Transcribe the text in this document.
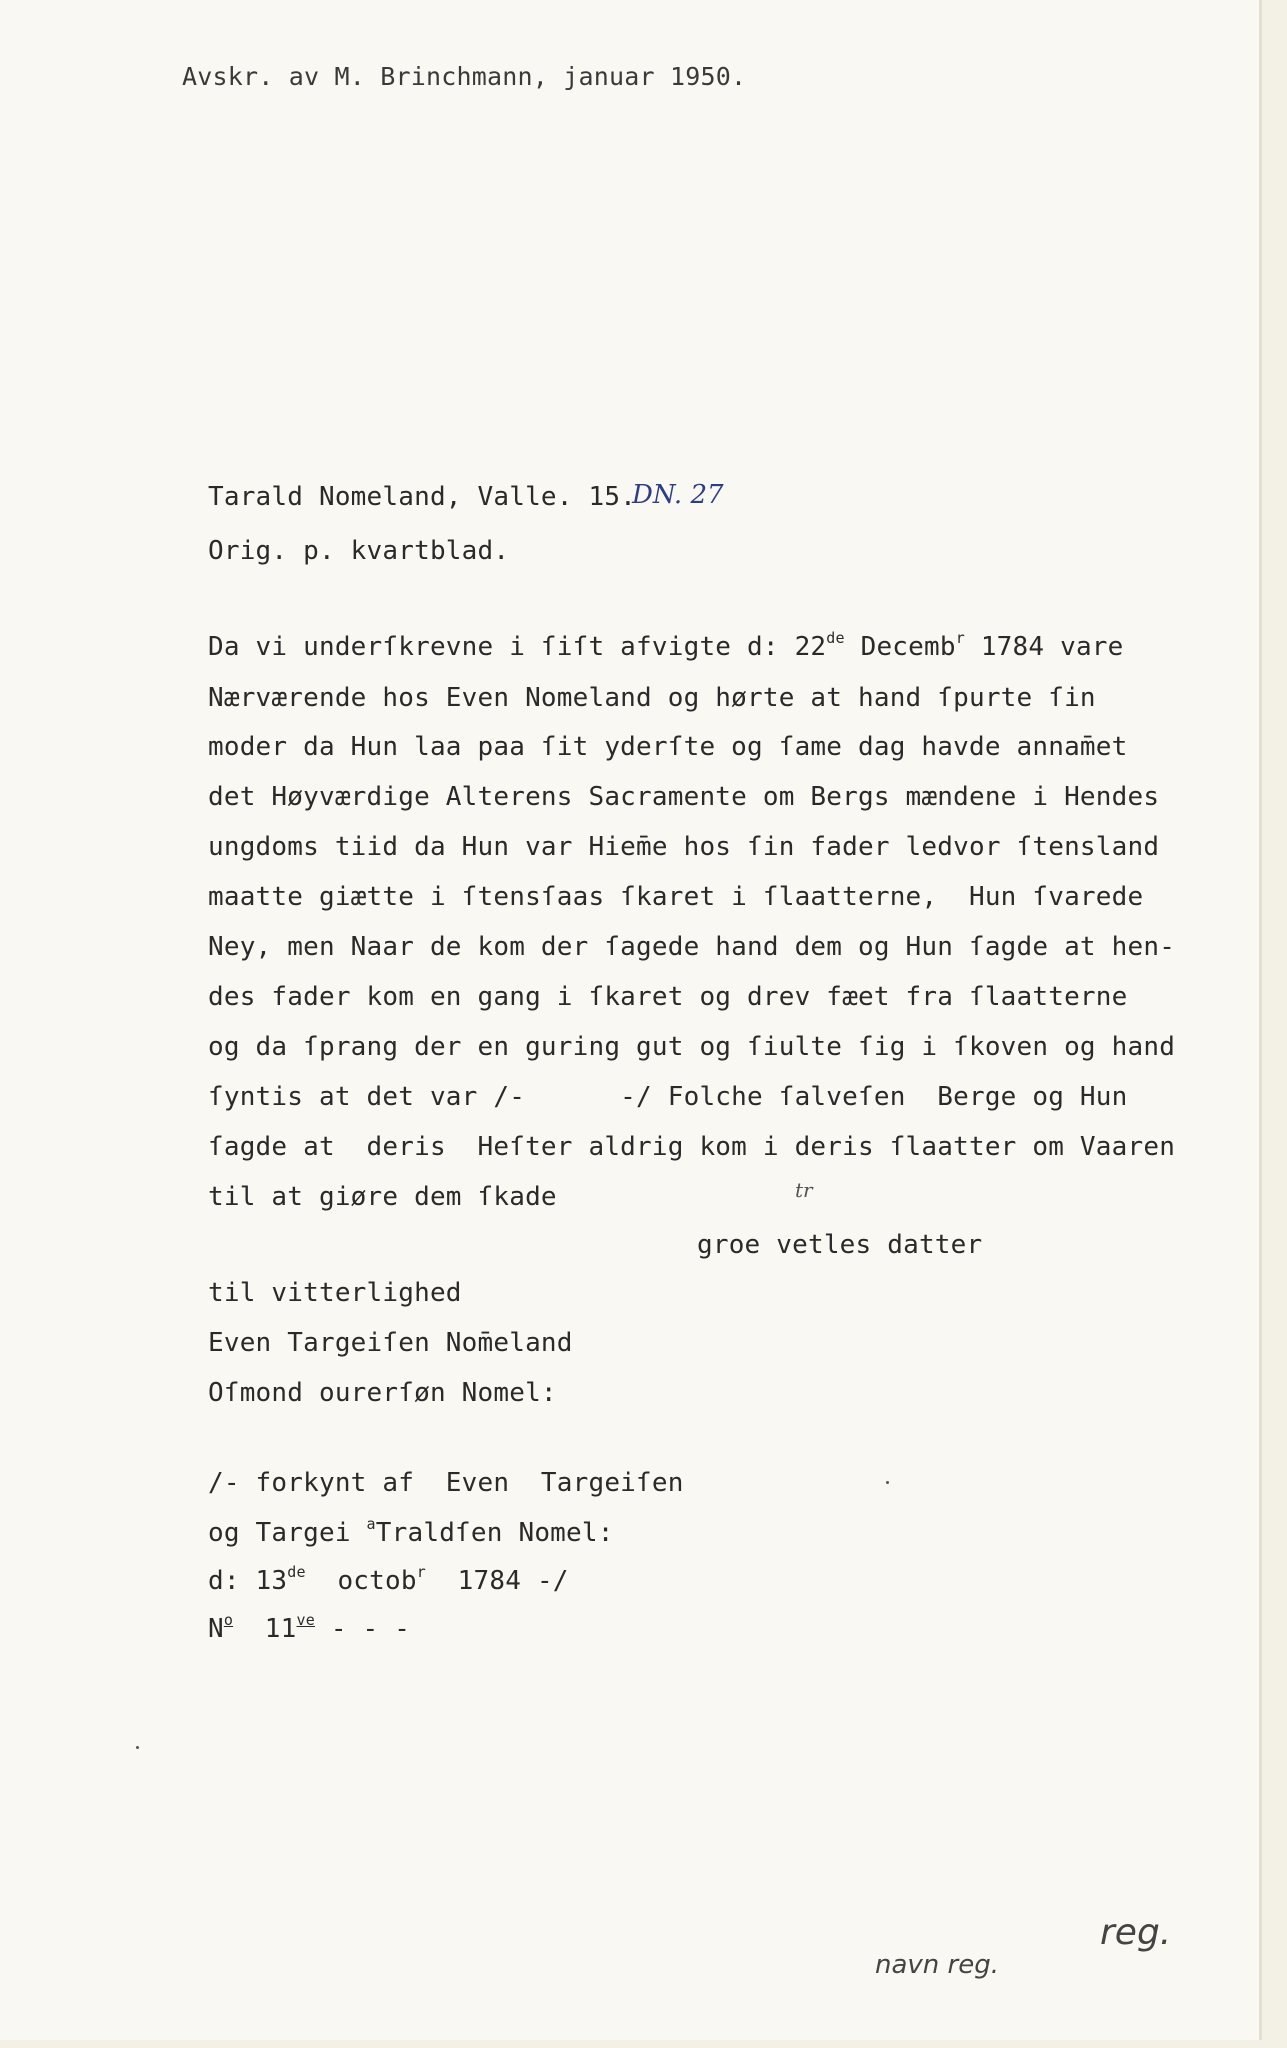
Avskr. av M. Brinchmann, januar 1950.
Tarald Nomeland, Valle. 15.
DN. 27
Orig. p. kvartblad.
Da vi underſkrevne i ſiſt afvigte d: 22de Decemb$^r$ 1784 vare
Nærværende hos Even Nomeland og hørte at hand ſpurte ſin
moder da Hun laa paa ſit yderſte og ſame dag havde annam̄et
det Høyværdige Alterens Sacramente om Bergs mændene i Hendes
ungdoms tiid da Hun var Hiem̄e hos ſin fader ledvor ſtensland
maatte giætte i ſtensſaas ſkaret i ſlaatterne,  Hun ſvarede
Ney, men Naar de kom der ſagede hand dem og Hun ſagde at hen-
des fader kom en gang i ſkaret og drev fæet fra ſlaatterne
og da ſprang der en guring gut og ſiulte ſig i ſkoven og hand
ſyntis at det var /-      -/ Folche ſalveſen  Berge og Hun
ſagde at  deris  Heſter aldrig kom i deris ſlaatter om Vaaren
til at giøre dem ſkade	tr
groe vetles datter
til vitterlighed
Even Targeiſen Nom̄eland
Oſmond ourerſøn Nomel:
/- forkynt af  Even  Targeiſen
og Targei $^a$Traldſen Nomel:
d: 13de  octob$^r$  1784 -/
$N^o$  $11^{ve}$ - - -
navn reg.
reg.
